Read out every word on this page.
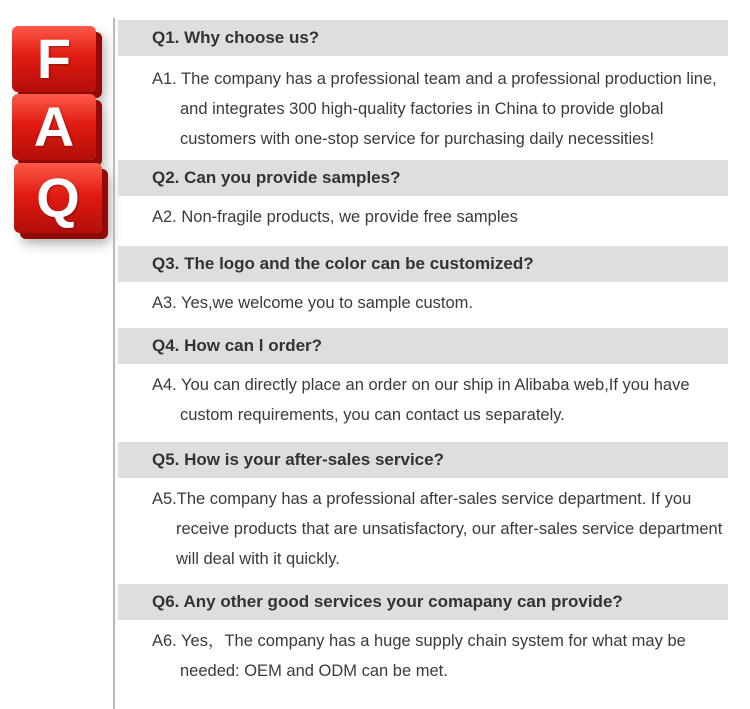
F
A
Q
Q1. Why choose us?
A1. The company has a professional team and a professional production line,
and integrates 300 high-quality factories in China to provide global
customers with one-stop service for purchasing daily necessities!
Q2. Can you provide samples?
A2. Non-fragile products, we provide free samples
Q3. The logo and the color can be customized?
A3. Yes,we welcome you to sample custom.
Q4. How can l order?
A4. You can directly place an order on our ship in Alibaba web,If you have
custom requirements, you can contact us separately.
Q5. How is your after-sales service?
A5.The company has a professional after-sales service department. If you
receive products that are unsatisfactory, our after-sales service department
will deal with it quickly.
Q6. Any other good services your comapany can provide?
A6. Yes，The company has a huge supply chain system for what may be
needed: OEM and ODM can be met.
